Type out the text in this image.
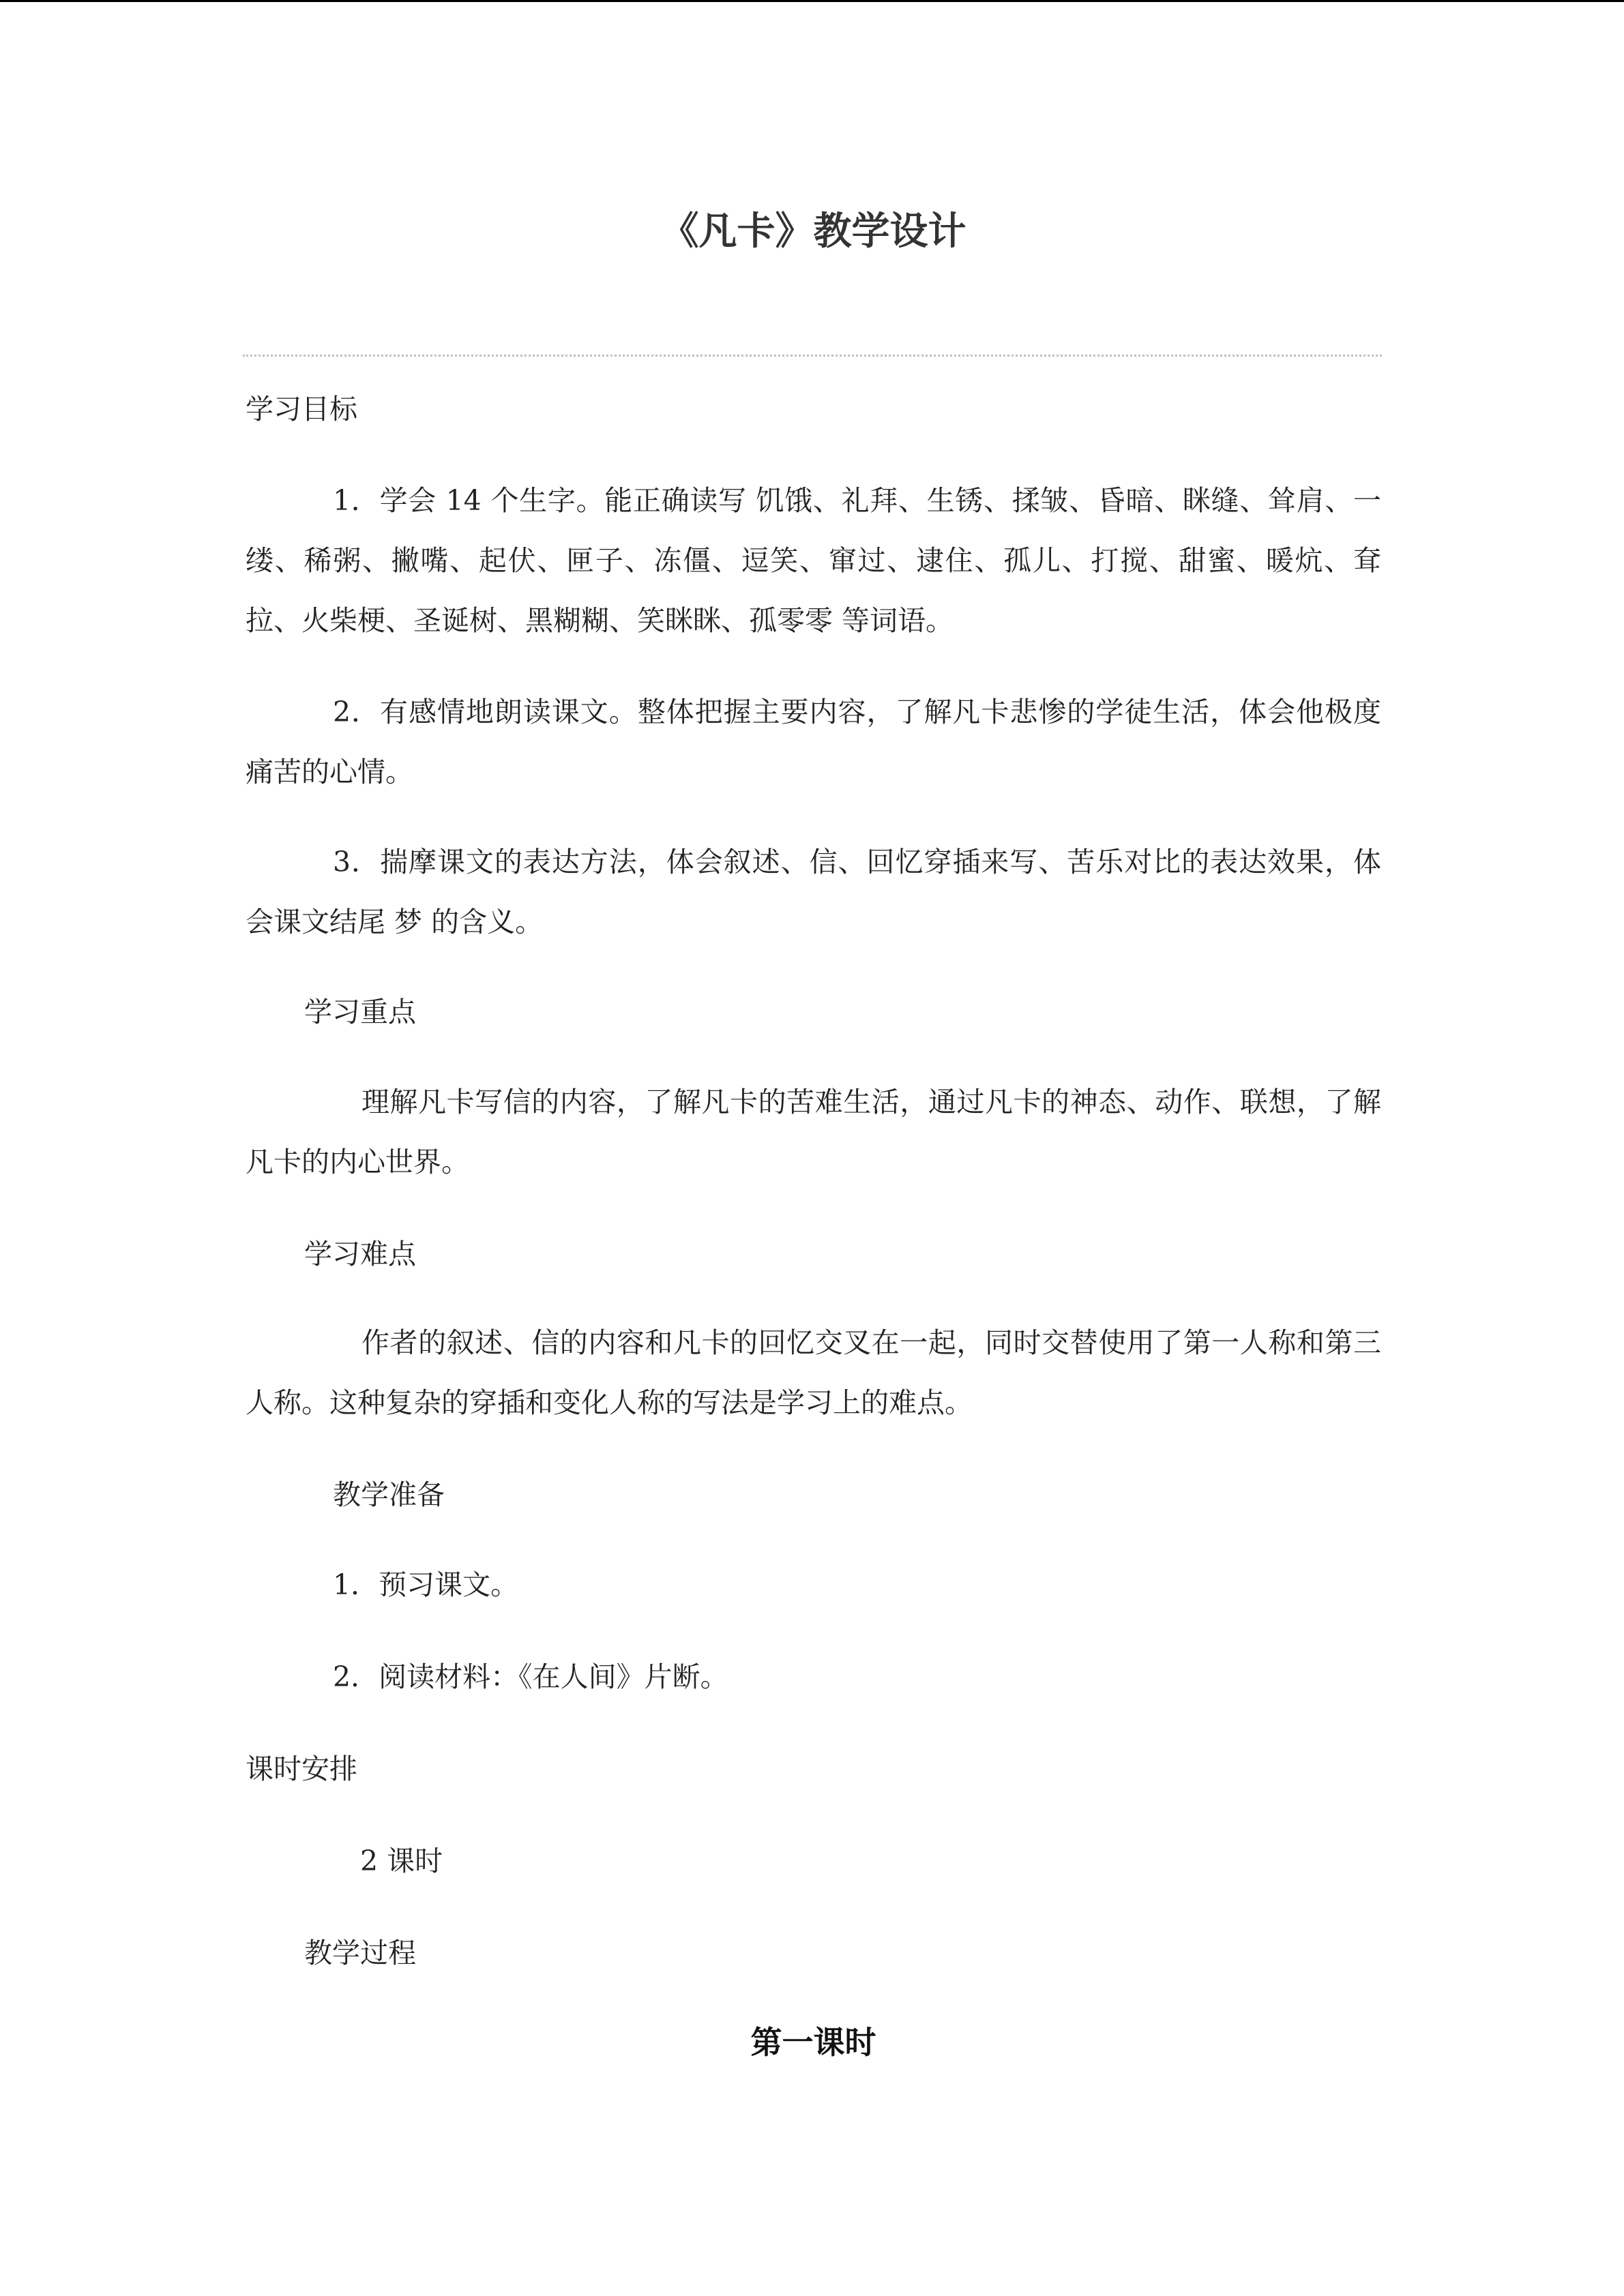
《凡卡》教学设计

学习目标

1．学会 14 个生字。能正确读写 饥饿、礼拜、生锈、揉皱、昏暗、眯缝、耸肩、一缕、稀粥、撇嘴、起伏、匣子、冻僵、逗笑、窜过、逮住、孤儿、打搅、甜蜜、暖炕、耷拉、火柴梗、圣诞树、黑糊糊、笑眯眯、孤零零 等词语。

2．有感情地朗读课文。整体把握主要内容，了解凡卡悲惨的学徒生活，体会他极度痛苦的心情。

3．揣摩课文的表达方法，体会叙述、信、回忆穿插来写、苦乐对比的表达效果，体会课文结尾 梦 的含义。

学习重点

理解凡卡写信的内容，了解凡卡的苦难生活，通过凡卡的神态、动作、联想，了解凡卡的内心世界。

学习难点

作者的叙述、信的内容和凡卡的回忆交叉在一起，同时交替使用了第一人称和第三人称。这种复杂的穿插和变化人称的写法是学习上的难点。

教学准备

1．预习课文。

2．阅读材料：《在人间》片断。

课时安排

2 课时

教学过程

第一课时
